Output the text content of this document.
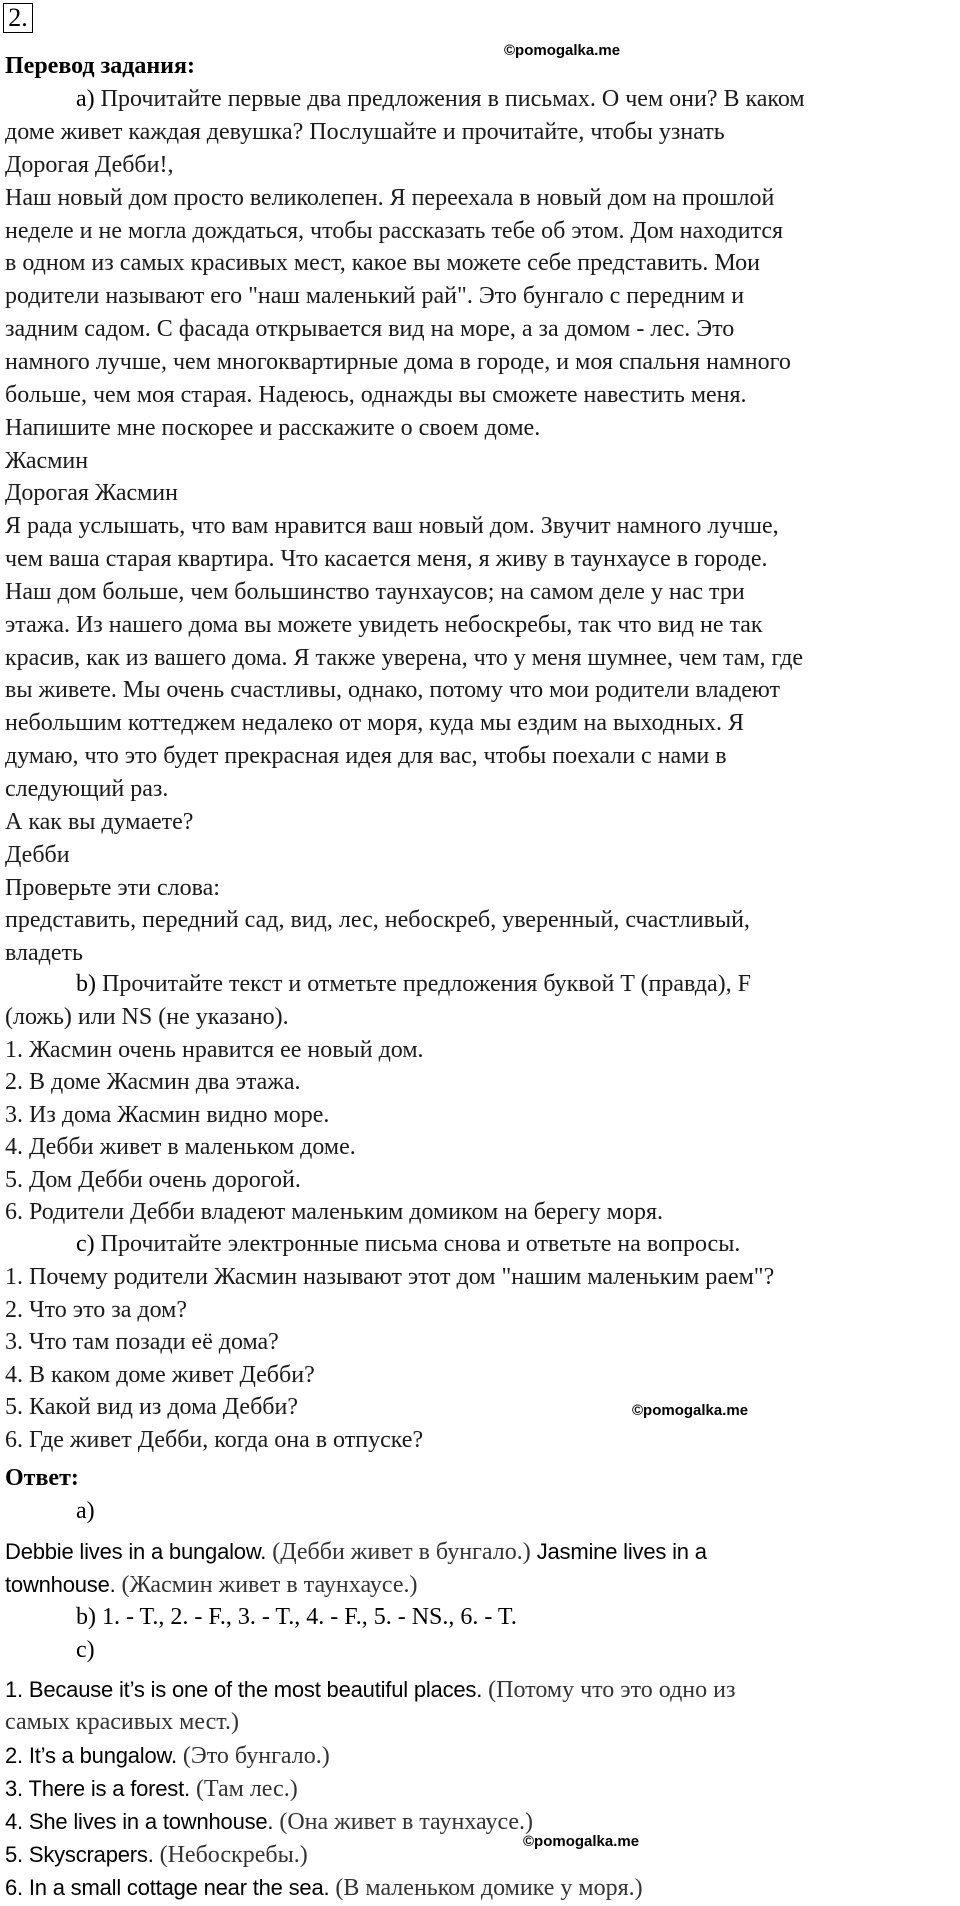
2.
©pomogalka.me
©pomogalka.me
©pomogalka.me
Перевод задания:
a) Прочитайте первые два предложения в письмах. О чем они? В каком
доме живет каждая девушка? Послушайте и прочитайте, чтобы узнать
Дорогая Дебби!,
Наш новый дом просто великолепен. Я переехала в новый дом на прошлой
неделе и не могла дождаться, чтобы рассказать тебе об этом. Дом находится
в одном из самых красивых мест, какое вы можете себе представить. Мои
родители называют его "наш маленький рай". Это бунгало с передним и
задним садом. С фасада открывается вид на море, а за домом - лес. Это
намного лучше, чем многоквартирные дома в городе, и моя спальня намного
больше, чем моя старая. Надеюсь, однажды вы сможете навестить меня.
Напишите мне поскорее и расскажите о своем доме.
Жасмин
Дорогая Жасмин
Я рада услышать, что вам нравится ваш новый дом. Звучит намного лучше,
чем ваша старая квартира. Что касается меня, я живу в таунхаусе в городе.
Наш дом больше, чем большинство таунхаусов; на самом деле у нас три
этажа. Из нашего дома вы можете увидеть небоскребы, так что вид не так
красив, как из вашего дома. Я также уверена, что у меня шумнее, чем там, где
вы живете. Мы очень счастливы, однако, потому что мои родители владеют
небольшим коттеджем недалеко от моря, куда мы ездим на выходных. Я
думаю, что это будет прекрасная идея для вас, чтобы поехали с нами в
следующий раз.
А как вы думаете?
Дебби
Проверьте эти слова:
представить, передний сад, вид, лес, небоскреб, уверенный, счастливый,
владеть
b) Прочитайте текст и отметьте предложения буквой T (правда), F
(ложь) или NS (не указано).
1. Жасмин очень нравится ее новый дом.
2. В доме Жасмин два этажа.
3. Из дома Жасмин видно море.
4. Дебби живет в маленьком доме.
5. Дом Дебби очень дорогой.
6. Родители Дебби владеют маленьким домиком на берегу моря.
c) Прочитайте электронные письма снова и ответьте на вопросы.
1. Почему родители Жасмин называют этот дом "нашим маленьким раем"?
2. Что это за дом?
3. Что там позади её дома?
4. В каком доме живет Дебби?
5. Какой вид из дома Дебби?
6. Где живет Дебби, когда она в отпуске?
Ответ:
a)
Debbie lives in a bungalow. (Дебби живет в бунгало.) Jasmine lives in a
townhouse. (Жасмин живет в таунхаусе.)
b) 1. - T., 2. - F., 3. - T., 4. - F., 5. - NS., 6. - T.
c)
1. Because it’s is one of the most beautiful places. (Потому что это одно из
самых красивых мест.)
2. It’s a bungalow. (Это бунгало.)
3. There is a forest. (Там лес.)
4. She lives in a townhouse. (Она живет в таунхаусе.)
5. Skyscrapers. (Небоскребы.)
6. In a small cottage near the sea. (В маленьком домике у моря.)
